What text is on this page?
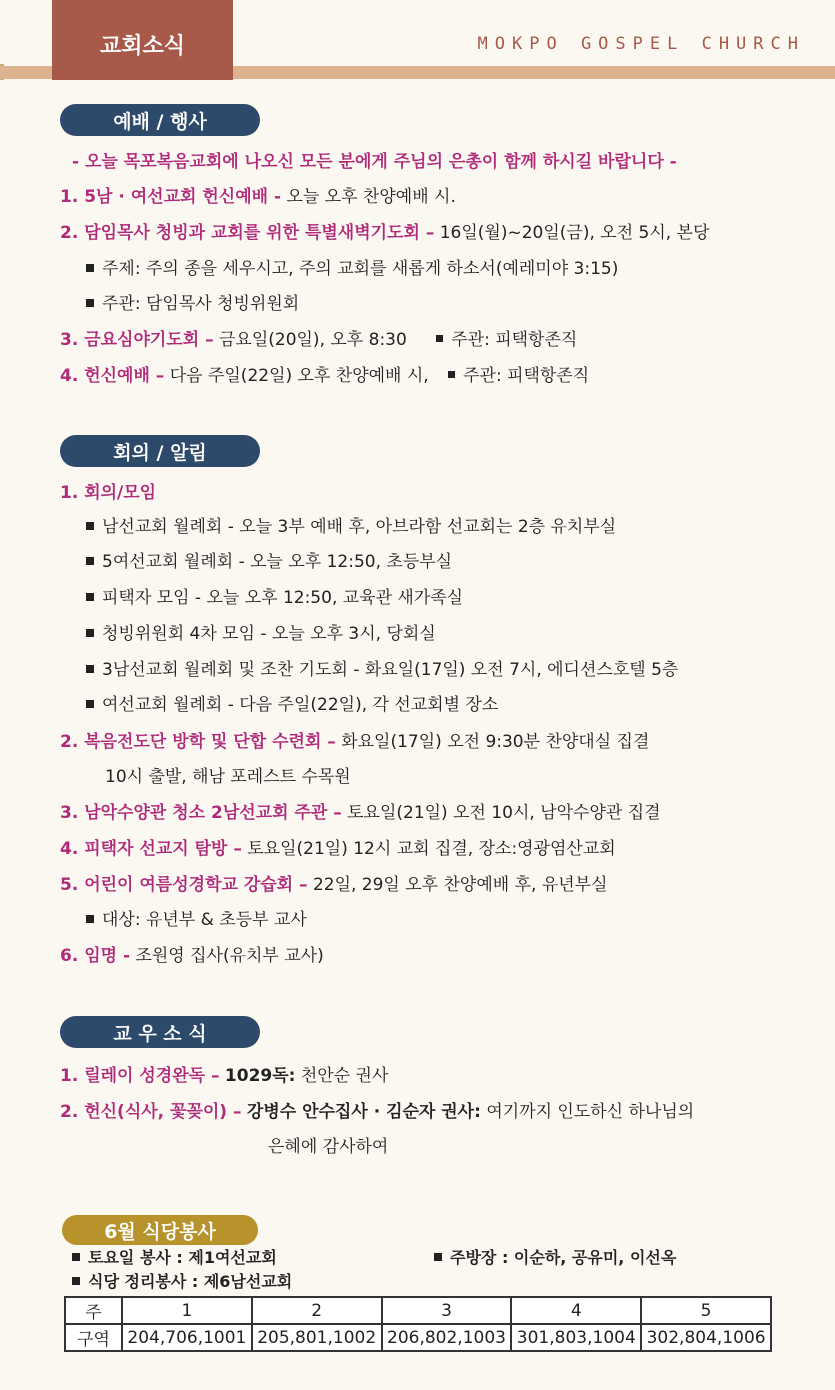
교회소식	MOKPO GOSPEL CHURCH
예배 / 행사
- 오늘 목포복음교회에 나오신 모든 분에게 주님의 은총이 함께 하시길 바랍니다 -
1. 5남 · 여선교회 헌신예배 - 오늘 오후 찬양예배 시.
2. 담임목사 청빙과 교회를 위한 특별새벽기도회 – 16일(월)~20일(금), 오전 5시, 본당
주제: 주의 종을 세우시고, 주의 교회를 새롭게 하소서(예레미야 3:15)
주관: 담임목사 청빙위원회
3. 금요심야기도회 – 금요일(20일), 오후 8:30	주관: 피택항존직
4. 헌신예배 – 다음 주일(22일) 오후 찬양예배 시, 주관: 피택항존직
회의 / 알림
1. 회의/모임
남선교회 월례회 - 오늘 3부 예배 후, 아브라함 선교회는 2층 유치부실
5여선교회 월례회 - 오늘 오후 12:50, 초등부실
피택자 모임 - 오늘 오후 12:50, 교육관 새가족실
청빙위원회 4차 모임 - 오늘 오후 3시, 당회실
3남선교회 월례회 및 조찬 기도회 - 화요일(17일) 오전 7시, 에디션스호텔 5층
여선교회 월례회 - 다음 주일(22일), 각 선교회별 장소
2. 복음전도단 방학 및 단합 수련회 – 화요일(17일) 오전 9:30분 찬양대실 집결
10시 출발, 해남 포레스트 수목원
3. 남악수양관 청소 2남선교회 주관 – 토요일(21일) 오전 10시, 남악수양관 집결
4. 피택자 선교지 탐방 – 토요일(21일) 12시 교회 집결, 장소:영광염산교회
5. 어린이 여름성경학교 강습회 – 22일, 29일 오후 찬양예배 후, 유년부실
대상: 유년부 & 초등부 교사
6. 임명 - 조원영 집사(유치부 교사)
교 우 소 식
1. 릴레이 성경완독 – 1029독: 천안순 권사
2. 헌신(식사, 꽃꽂이) – 강병수 안수집사 · 김순자 권사: 여기까지 인도하신 하나님의
은혜에 감사하여
6월 식당봉사
토요일 봉사 : 제1여선교회	주방장 : 이순하, 공유미, 이선옥
식당 정리봉사 : 제6남선교회
주	1	2	3	4	5
구역	204,706,1001	205,801,1002	206,802,1003	301,803,1004	302,804,1006
